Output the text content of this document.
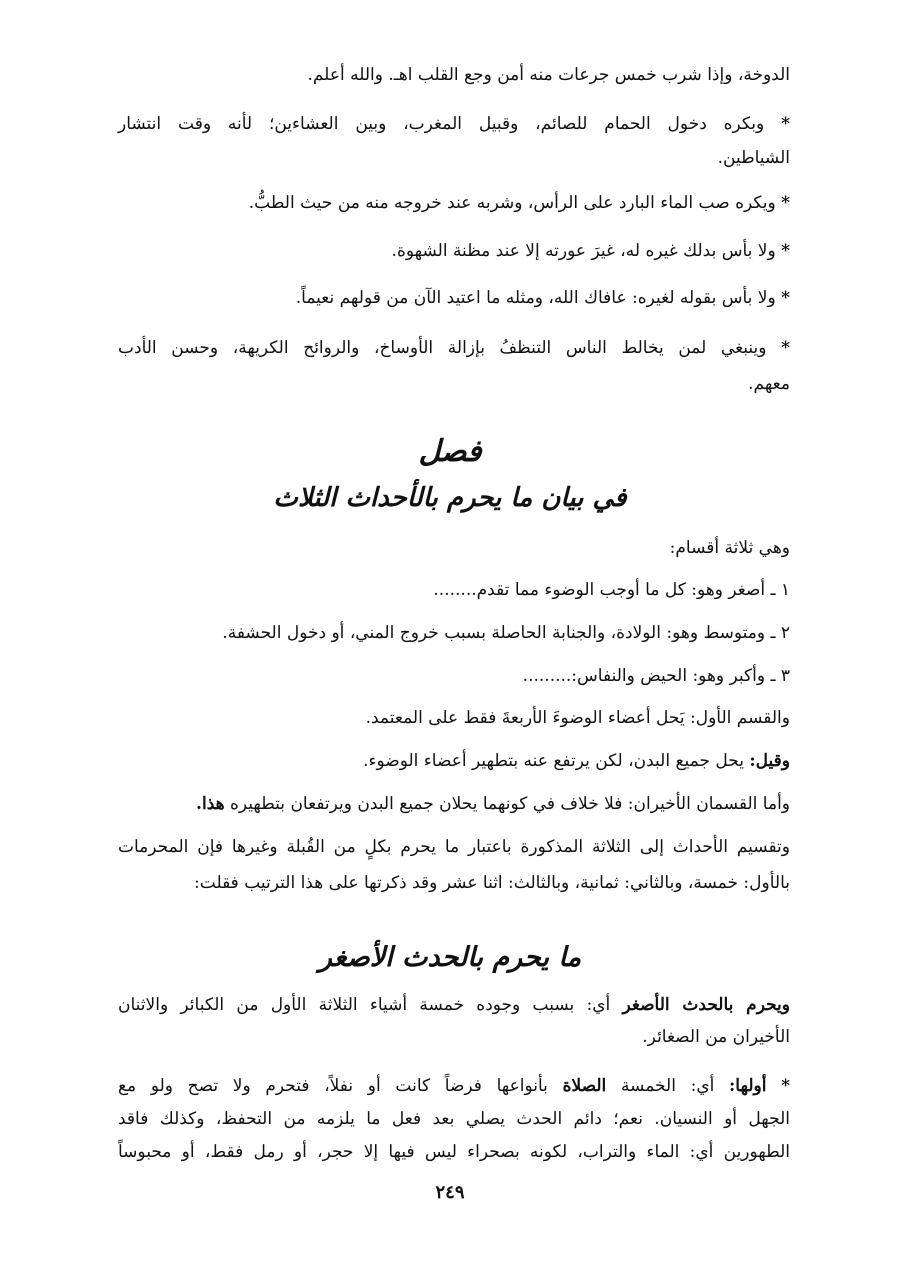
الدوخة، وإذا شرب خمس جرعات منه أمن وجع القلب اهـ. والله أعلم.
* وبكره دخول الحمام للصائم، وقبيل المغرب، وبين العشاءين؛ لأنه وقت انتشار
الشياطين.
* ويكره صب الماء البارد على الرأس، وشربه عند خروجه منه من حيث الطبُّ.
* ولا بأس بدلك غيره له، غيرَ عورته إلا عند مظنة الشهوة.
* ولا بأس بقوله لغيره: عافاك الله، ومثله ما اعتيد الآن من قولهم نعيماً.
* وينبغي لمن يخالط الناس التنظفُ بإزالة الأوساخ، والروائح الكريهة، وحسن الأدب
معهم.
فصل
في بيان ما يحرم بالأحداث الثلاث
وهي ثلاثة أقسام:
١ ـ أصغر وهو: كل ما أوجب الوضوء مما تقدم........
٢ ـ ومتوسط وهو: الولادة، والجنابة الحاصلة بسبب خروج المني، أو دخول الحشفة.
٣ ـ وأكبر وهو: الحيض والنفاس:.........
والقسم الأول: يَحل أعضاء الوضوءَ الأربعةَ فقط على المعتمد.
وقيل: يحل جميع البدن، لكن يرتفع عنه بتطهير أعضاء الوضوء.
وأما القسمان الأخيران: فلا خلاف في كونهما يحلان جميع البدن ويرتفعان بتطهيره هذا.
وتقسيم الأحداث إلى الثلاثة المذكورة باعتبار ما يحرم بكلٍ من القُبلة وغيرها فإن المحرمات
بالأول: خمسة، وبالثاني: ثمانية، وبالثالث: اثنا عشر وقد ذكرتها على هذا الترتيب فقلت:
ما يحرم بالحدث الأصغر
ويحرم بالحدث الأصغر أي: بسبب وجوده خمسة أشياء الثلاثة الأول من الكبائر والاثنان
الأخيران من الصغائر.
* أولها: أي: الخمسة الصلاة بأنواعها فرضاً كانت أو نفلاً، فتحرم ولا تصح ولو مع
الجهل أو النسيان. نعم؛ دائم الحدث يصلي بعد فعل ما يلزمه من التحفظ، وكذلك فاقد
الطهورين أي: الماء والتراب، لكونه بصحراء ليس فيها إلا حجر، أو رمل فقط، أو محبوساً
٢٤٩
